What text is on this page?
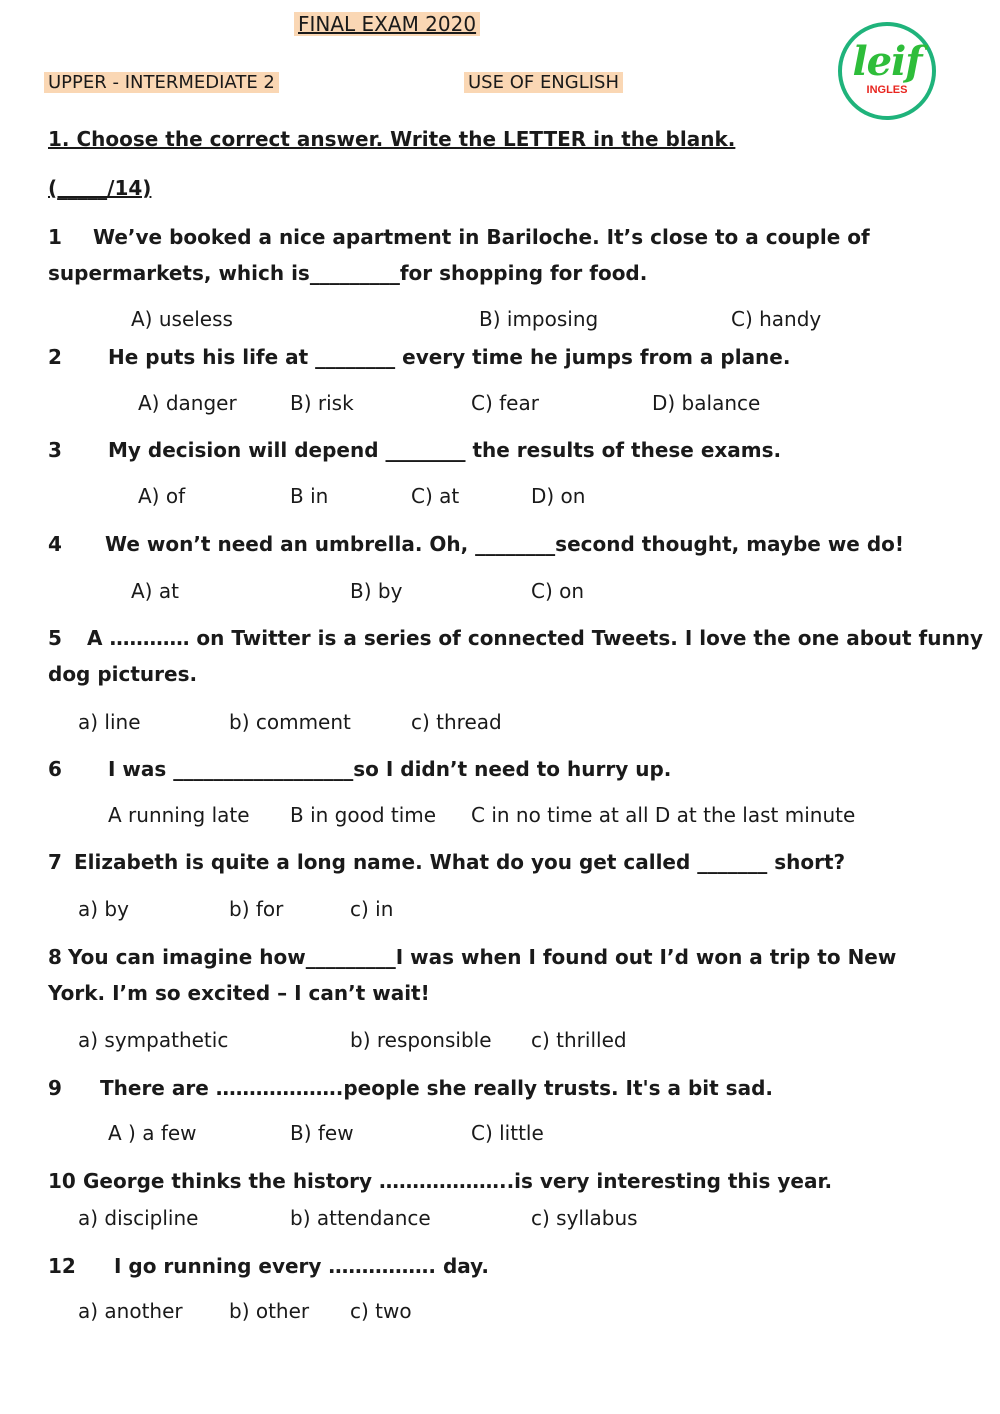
FINAL EXAM 2020
UPPER - INTERMEDIATE 2	USE OF ENGLISH	leif
INGLES
1. Choose the correct answer. Write the LETTER in the blank.
(_____/14)
1 We’ve booked a nice apartment in Bariloche. It’s close to a couple of
supermarkets, which is_________for shopping for food.
A) useless	B) imposing	C) handy
2 He puts his life at ________ every time he jumps from a plane.
A) danger	B) risk	C) fear	D) balance
3 My decision will depend ________ the results of these exams.
A) of	B in	C) at	D) on
4 We won’t need an umbrella. Oh, ________second thought, maybe we do!
A) at	B) by	C) on
5 A ………… on Twitter is a series of connected Tweets. I love the one about funny
dog pictures.
a) line	b) comment	c) thread
6 I was __________________so I didn’t need to hurry up.
A running late B in good time C in no time at all D at the last minute
7 Elizabeth is quite a long name. What do you get called _______ short?
a) by	b) for	c) in
8 You can imagine how_________I was when I found out I’d won a trip to New
York. I’m so excited – I can’t wait!
a) sympathetic	b) responsible c) thrilled
9 There are ……………….people she really trusts. It's a bit sad.
A ) a few	B) few	C) little
10 George thinks the history ………………..is very interesting this year.
a) discipline	b) attendance	c) syllabus
12 I go running every ……………. day.
a) another b) other c) two
